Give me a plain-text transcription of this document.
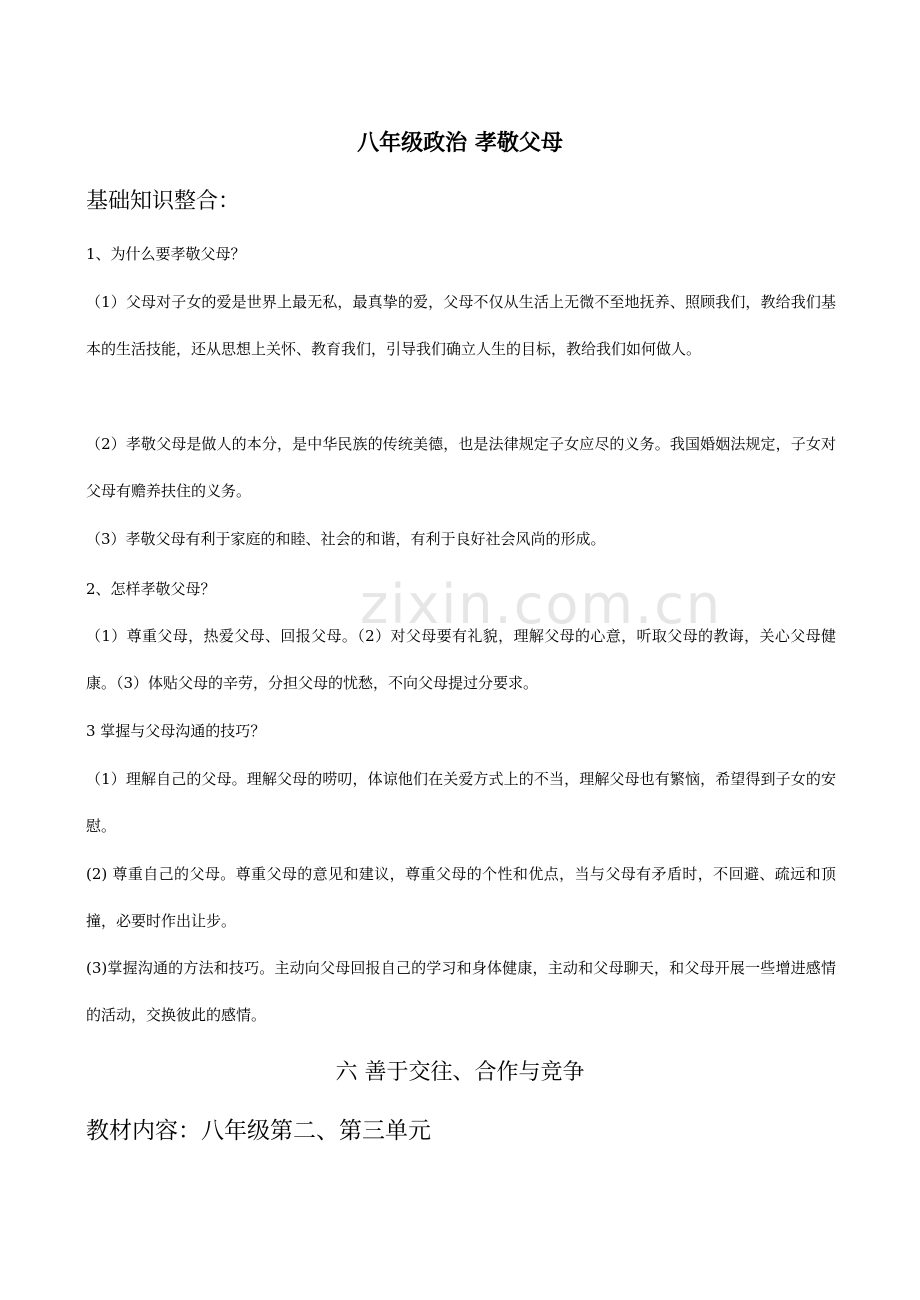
zixin.com.cn
八年级政治 孝敬父母
基础知识整合：
1、为什么要孝敬父母？
（1）父母对子女的爱是世界上最无私，最真挚的爱，父母不仅从生活上无微不至地抚养、照顾我们，教给我们基本的生活技能，还从思想上关怀、教育我们，引导我们确立人生的目标，教给我们如何做人。
（2）孝敬父母是做人的本分，是中华民族的传统美德，也是法律规定子女应尽的义务。我国婚姻法规定，子女对父母有赡养扶住的义务。
（3）孝敬父母有利于家庭的和睦、社会的和谐，有利于良好社会风尚的形成。
2、怎样孝敬父母？
（1）尊重父母，热爱父母、回报父母。（2）对父母要有礼貌，理解父母的心意，听取父母的教诲，关心父母健康。（3）体贴父母的辛劳，分担父母的忧愁，不向父母提过分要求。
3 掌握与父母沟通的技巧？
（1）理解自己的父母。理解父母的唠叨，体谅他们在关爱方式上的不当，理解父母也有繁恼，希望得到子女的安慰。
(2) 尊重自己的父母。尊重父母的意见和建议，尊重父母的个性和优点，当与父母有矛盾时，不回避、疏远和顶撞，必要时作出让步。
(3)掌握沟通的方法和技巧。主动向父母回报自己的学习和身体健康，主动和父母聊天，和父母开展一些增进感情的活动，交换彼此的感情。
六 善于交往、合作与竞争
教材内容：八年级第二、第三单元
